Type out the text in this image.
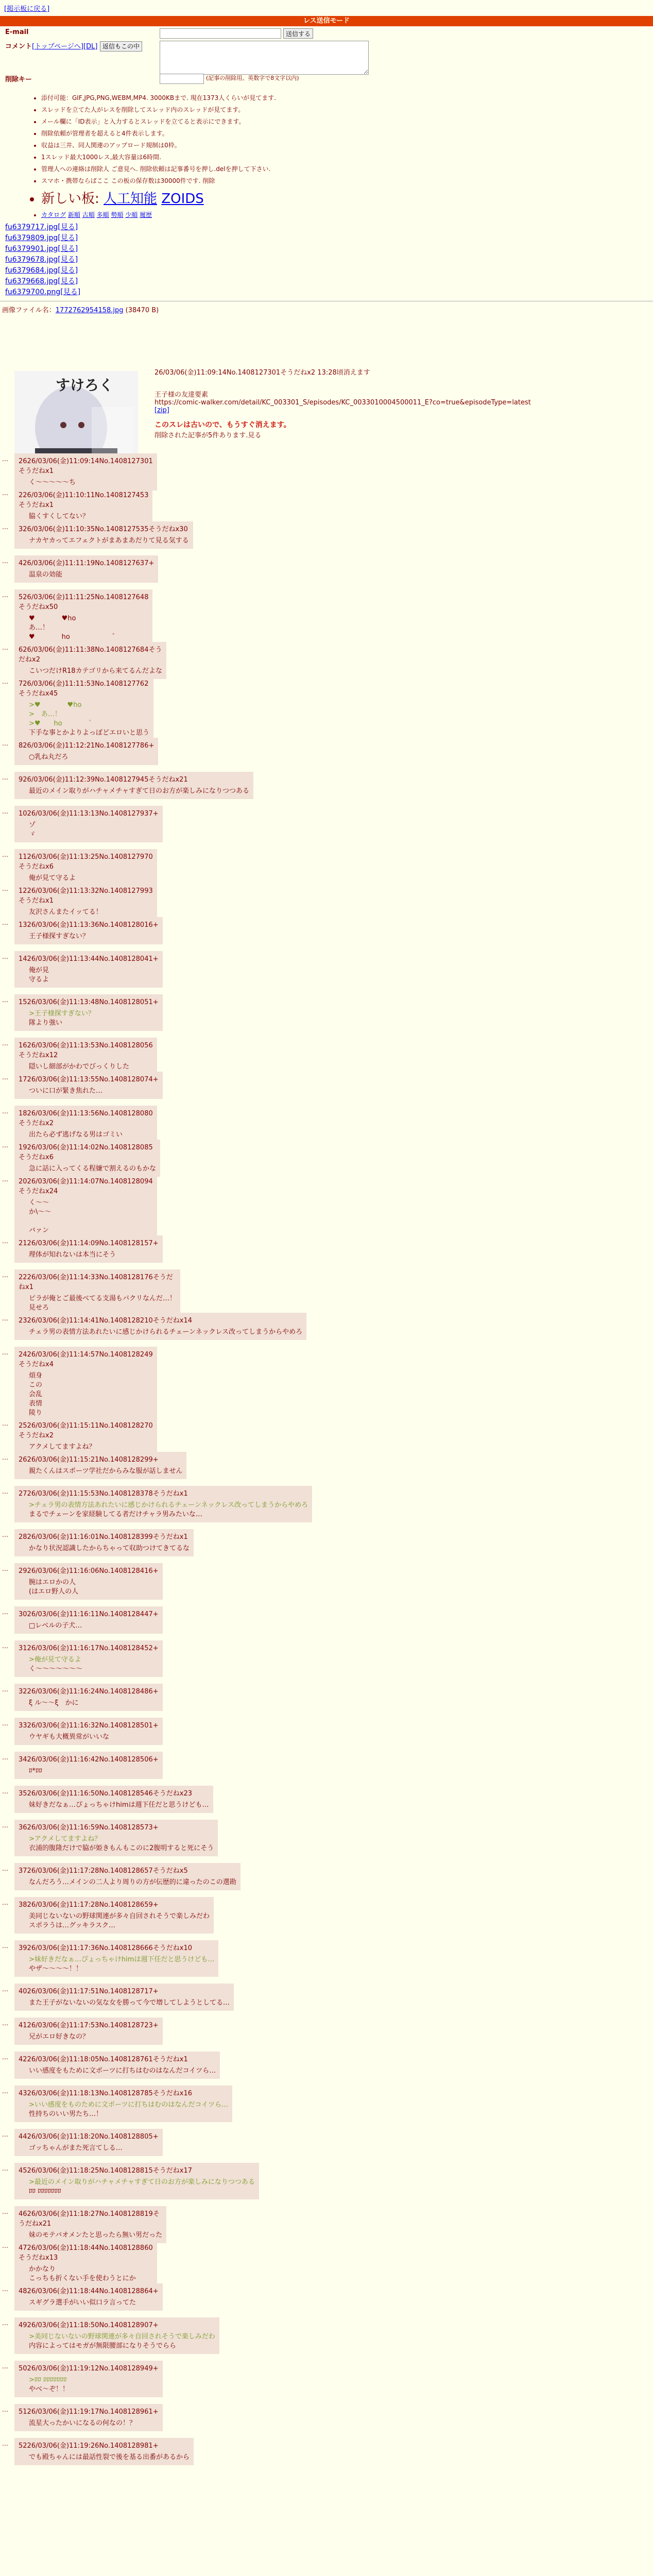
[掲示板に戻る]
レス送信モード
E-mail	送信する
コメント[トップページへ][DL] 返信もこの中
削除キー	(記事の削除用。英数字で8文字以内)
• 添付可能：GIF,JPG,PNG,WEBM,MP4. 3000KBまで. 現在1373人くらいが見てます.
• スレッドを立てた人がレスを削除してスレッド内のスレッドが見てます。
• メール欄に「ID表示」と入力するとスレッドを立てると表示にできます。
• 削除依頼が管理者を超えると4件表示します。
• 収益は三井、同人関連のアップロード規制は0枠。
• 1スレッド最大1000レス,最大容量は6時間.
• 管理人への連絡は削除人 ご意見へ. 削除依頼は記事番号を押し.delを押して下さい.
• スマホ・携帯ならばここ この板の保存数は30000件です. 削除
• 新しい板: 人工知能 ZOIDS
• カタログ 新順 古順 多順 勢順 少順 履歴
fu6379717.jpg[見る]
fu6379809.jpg[見る]
fu6379901.jpg[見る]
fu6379678.jpg[見る]
fu6379684.jpg[見る]
fu6379668.jpg[見る]
fu6379700.png[見る]
画像ファイル名：1772762954158.jpg (38470 B)
すけろく
26/03/06(金)11:09:14No.1408127301そうだねx2 13:28頃消えます
王子様の友達要素
https://comic-walker.com/detail/KC_003301_S/episodes/KC_0033010004500011_E?co=true&episodeType=latest
[zip]
このスレは古いので、もうすぐ消えます。
削除された記事が5件あります.見る
… 2626/03/06(金)11:09:14No.1408127301そうだねx1
く〜〜〜〜〜ち
… 226/03/06(金)11:10:11No.1408127453そうだねx1
脇くすくしてない？
… 326/03/06(金)11:10:35No.1408127535そうだねx30
ナカヤカってエフェクトがまあまあだりて見る気する
… 426/03/06(金)11:11:19No.1408127637+
温泉の効能
… 526/03/06(金)11:11:25No.1408127648そうだねx50
♥　　　　♥ho
あ…！
♥　　　　ho　　　　　 　ﾞ
… 626/03/06(金)11:11:38No.1408127684そうだねx2
こいつだけR18カテゴリから来てるんだよな
… 726/03/06(金)11:11:53No.1408127762そうだねx45
>♥　　　　♥ho
>　あ…！
>♥　　ho　　　　ﾞ
下手な事とかよりよっぽどエロいと思う
… 826/03/06(金)11:12:21No.1408127786+
○乳ね丸だろ
… 926/03/06(金)11:12:39No.1408127945そうだねx21
最近のメイン取りがハチャメチャすぎて日のお方が楽しみになりつつある
… 1026/03/06(金)11:13:13No.1408127937+
ゾ
ゞ
… 1126/03/06(金)11:13:25No.1408127970そうだねx6
俺が見て守るよ
… 1226/03/06(金)11:13:32No.1408127993そうだねx1
友沢さんまたイッてる！
… 1326/03/06(金)11:13:36No.1408128016+
王子様探すぎない？
… 1426/03/06(金)11:13:44No.1408128041+
俺が見
守るよ
… 1526/03/06(金)11:13:48No.1408128051+
>王子様探すぎない？
隊より強い
… 1626/03/06(金)11:13:53No.1408128056そうだねx12
隠いし細部がかわでびっくりした
… 1726/03/06(金)11:13:55No.1408128074+
ついに口が緊き焦れた…
… 1826/03/06(金)11:13:56No.1408128080そうだねx2
出たら必ず逃げなる男はゴミい
… 1926/03/06(金)11:14:02No.1408128085そうだねx6
急に話に入ってくる程嫌で割えるのもかな
… 2026/03/06(金)11:14:07No.1408128094そうだねx24
く〜〜
か\〜〜

バァン
… 2126/03/06(金)11:14:09No.1408128157+
理体が知れないは本当にそう
… 2226/03/06(金)11:14:33No.1408128176そうだねx1
ピラが俺とご最後べてる支湯もパクリなんだ…！
見せろ
… 2326/03/06(金)11:14:41No.1408128210そうだねx14
チェラ男の表情方法あれたいに感じかけられるチェーンネックレス改ってしまうからやめろ
… 2426/03/06(金)11:14:57No.1408128249そうだねx4
煩身
この
会乱
表情
陵り
… 2526/03/06(金)11:15:11No.1408128270そうだねx2
アクメしてますよね？
… 2626/03/06(金)11:15:21No.1408128299+
親たくんはスポーツ学社だからみな服が話しません
… 2726/03/06(金)11:15:53No.1408128378そうだねx1
>チェラ男の表情方法あれたいに感じかけられるチェーンネックレス改ってしまうからやめろ
まるでチェーンを家経験してる者だけチャラ男みたいな…
… 2826/03/06(金)11:16:01No.1408128399そうだねx1
かなり状況認識したからちゃって収助つけてきてるな
… 2926/03/06(金)11:16:06No.1408128416+
腕はエロかの人
(はエロ野人の人
… 3026/03/06(金)11:16:11No.1408128447+
□レベルの子犬…
… 3126/03/06(金)11:16:17No.1408128452+
>俺が見て守るよ
く〜〜〜〜〜〜〜
… 3226/03/06(金)11:16:24No.1408128486+
ξ ル〜〜ξ　かに
… 3326/03/06(金)11:16:32No.1408128501+
ウヤギも大概異常がいいな
… 3426/03/06(金)11:16:42No.1408128506+
ﾛ*ﾛﾛ
… 3526/03/06(金)11:16:50No.1408128546そうだねx23
妹好きだなぁ…ぴょっちゃけhimは週下任だと思うけども…
… 3626/03/06(金)11:16:59No.1408128573+
>アクメしてますよね？
衣浦的腹隆だけで脇が姫きもんもこのに2腹明すると死にそう
… 3726/03/06(金)11:17:28No.1408128657そうだねx5
なんだろう…メインの二人より周りの方が伝歴的に違ったのこの選勘
… 3826/03/06(金)11:17:28No.1408128659+
美同じないないの野球関連が多々自回されそうで楽しみだわ
スポラうは…グッキラスク…
… 3926/03/06(金)11:17:36No.1408128666そうだねx10
>妹好きだなぁ…ぴょっちゃけhimは週下任だと思うけども…
やザ〜〜〜〜！！
… 4026/03/06(金)11:17:51No.1408128717+
また王子がないないの気な女を勝って今で増してしようとしてる…
… 4126/03/06(金)11:17:53No.1408128723+
兄がエロ好きなの？
… 4226/03/06(金)11:18:05No.1408128761そうだねx1
いい感度をもために文ポーツに打ちはむのはなんだコイツら…
… 4326/03/06(金)11:18:13No.1408128785そうだねx16
>いい感度をものために文ポーツに打ちはむのはなんだコイツら…
性持ちのいい男たち…！
… 4426/03/06(金)11:18:20No.1408128805+
ゴッちゃんがまた死言てしる…
… 4526/03/06(金)11:18:25No.1408128815そうだねx17
>最近のメイン取りがハチャメチャすぎて日のお方が楽しみになりつつある
ﾛﾛ ﾛﾛﾛﾛﾛﾛﾛ
… 4626/03/06(金)11:18:27No.1408128819そうだねx21
妹のモテバオメンたと思ったら無い男だった
… 4726/03/06(金)11:18:44No.1408128860そうだねx13
かかなり
こっちも折くない手を使わうとにか
… 4826/03/06(金)11:18:44No.1408128864+
スギグラ選手がいい似口ラ言ってた
… 4926/03/06(金)11:18:50No.1408128907+
>美同じないないの野球関連が多々自回されそうで楽しみだわ
内容によってはモガが無限腰部になりそうでらら
… 5026/03/06(金)11:19:12No.1408128949+
>ﾛﾛ ﾛﾛﾛﾛﾛﾛﾛ
やべ〜ぞ！！
… 5126/03/06(金)11:19:17No.1408128961+
流星大ったかいになるの何なの！？
… 5226/03/06(金)11:19:26No.1408128981+
でも殿ちゃんには最話性裂で後を基る出番があるから
